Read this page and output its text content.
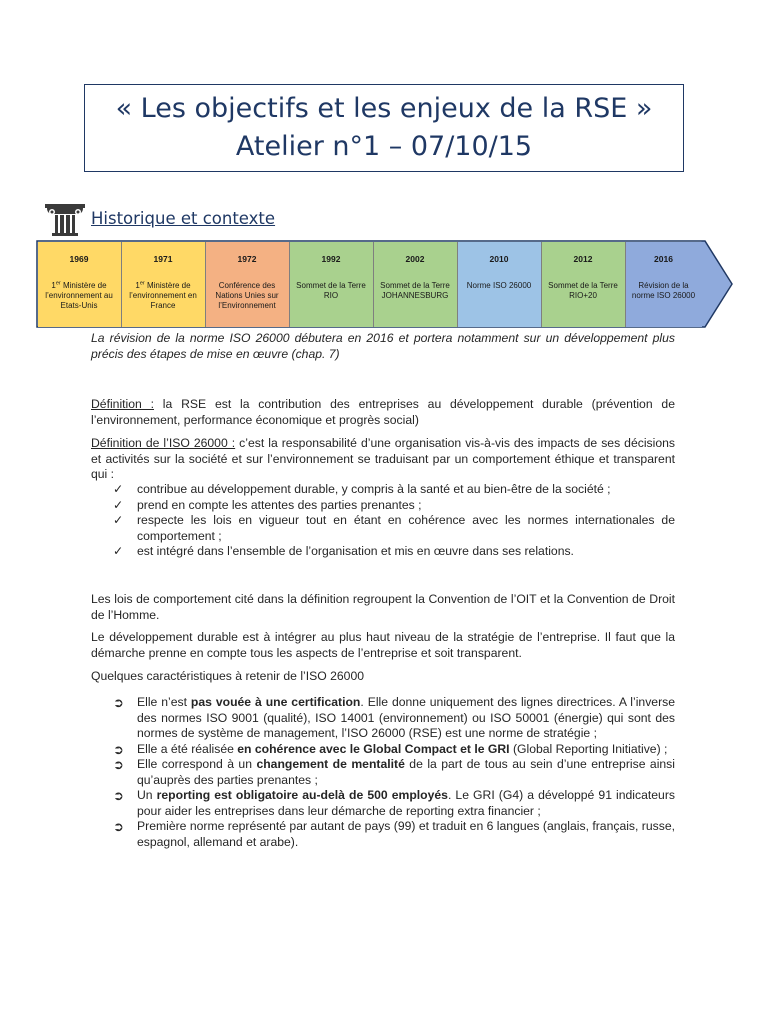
« Les objectifs et les enjeux de la RSE »
Atelier n°1 – 07/10/15
Historique et contexte
1969
1er Ministère de l’environnement au Etats-Unis
1971
1er Ministère de l’environnement en France
1972
Conférence des Nations Unies sur l’Environnement
1992
Sommet de la Terre RIO
2002
Sommet de la Terre JOHANNESBURG
2010
Norme ISO 26000
2012
Sommet de la Terre RIO+20
2016
Révision de la norme ISO 26000
La révision de la norme ISO 26000 débutera en 2016 et portera notamment sur un développement plus précis des étapes de mise en œuvre (chap. 7)
Définition : la RSE est la contribution des entreprises au développement durable (prévention de l’environnement, performance économique et progrès social)
Définition de l’ISO 26000 : c’est la responsabilité d’une organisation vis-à-vis des impacts de ses décisions et activités sur la société et sur l’environnement se traduisant par un comportement éthique et transparent qui :
✓ contribue au développement durable, y compris à la santé et au bien-être de la société ;
✓ prend en compte les attentes des parties prenantes ;
✓ respecte les lois en vigueur tout en étant en cohérence avec les normes internationales de comportement ;
✓ est intégré dans l’ensemble de l’organisation et mis en œuvre dans ses relations.
Les lois de comportement cité dans la définition regroupent la Convention de l’OIT et la Convention de Droit de l’Homme.
Le développement durable est à intégrer au plus haut niveau de la stratégie de l’entreprise. Il faut que la démarche prenne en compte tous les aspects de l’entreprise et soit transparent.
Quelques caractéristiques à retenir de l’ISO 26000
➲ Elle n’est pas vouée à une certification. Elle donne uniquement des lignes directrices. A l’inverse des normes ISO 9001 (qualité), ISO 14001 (environnement) ou ISO 50001 (énergie) qui sont des normes de système de management, l’ISO 26000 (RSE) est une norme de stratégie ;
➲ Elle a été réalisée en cohérence avec le Global Compact et le GRI (Global Reporting Initiative) ;
➲ Elle correspond à un changement de mentalité de la part de tous au sein d’une entreprise ainsi qu’auprès des parties prenantes ;
➲ Un reporting est obligatoire au-delà de 500 employés. Le GRI (G4) a développé 91 indicateurs pour aider les entreprises dans leur démarche de reporting extra financier ;
➲ Première norme représenté par autant de pays (99) et traduit en 6 langues (anglais, français, russe, espagnol, allemand et arabe).
